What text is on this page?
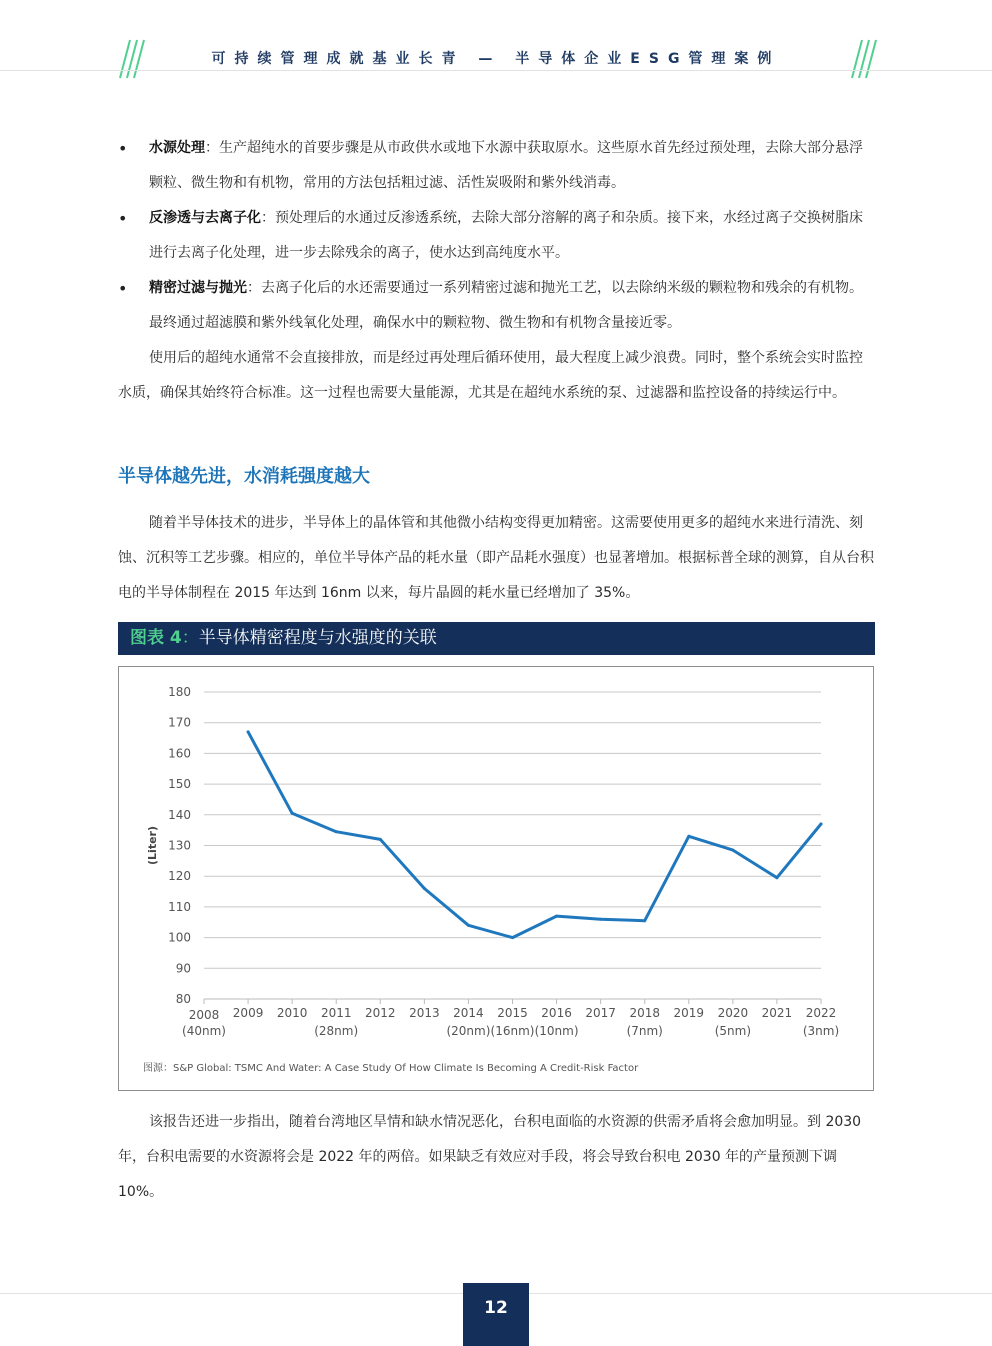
可持续管理成就基业长青 — 半导体企业ESG管理案例
• 水源处理：生产超纯水的首要步骤是从市政供水或地下水源中获取原水。这些原水首先经过预处理，去除大部分悬浮颗粒、微生物和有机物，常用的方法包括粗过滤、活性炭吸附和紫外线消毒。
• 反渗透与去离子化：预处理后的水通过反渗透系统，去除大部分溶解的离子和杂质。接下来，水经过离子交换树脂床进行去离子化处理，进一步去除残余的离子，使水达到高纯度水平。
• 精密过滤与抛光：去离子化后的水还需要通过一系列精密过滤和抛光工艺，以去除纳米级的颗粒物和残余的有机物。最终通过超滤膜和紫外线氧化处理，确保水中的颗粒物、微生物和有机物含量接近零。

使用后的超纯水通常不会直接排放，而是经过再处理后循环使用，最大程度上减少浪费。同时，整个系统会实时监控水质，确保其始终符合标准。这一过程也需要大量能源，尤其是在超纯水系统的泵、过滤器和监控设备的持续运行中。

半导体越先进，水消耗强度越大

随着半导体技术的进步，半导体上的晶体管和其他微小结构变得更加精密。这需要使用更多的超纯水来进行清洗、刻蚀、沉积等工艺步骤。相应的，单位半导体产品的耗水量（即产品耗水强度）也显著增加。根据标普全球的测算，自从台积电的半导体制程在 2015 年达到 16nm 以来，每片晶圆的耗水量已经增加了 35%。

图表 4：半导体精密程度与水强度的关联
80
90
100
110
120
130
140
150
160
170
180
2008
(40nm)
2009 2010 2011
(28nm)
2012 2013 2014
(20nm)
2015
(16nm)
2016
(10nm)
2017 2018
(7nm)
2019 2020
(5nm)
2021 2022
(3nm)
(Liter)
图源：S&P Global: TSMC And Water: A Case Study Of How Climate Is Becoming A Credit-Risk Factor

该报告还进一步指出，随着台湾地区旱情和缺水情况恶化，台积电面临的水资源的供需矛盾将会愈加明显。到 2030 年，台积电需要的水资源将会是 2022 年的两倍。如果缺乏有效应对手段，将会导致台积电 2030 年的产量预测下调 10%。

12
